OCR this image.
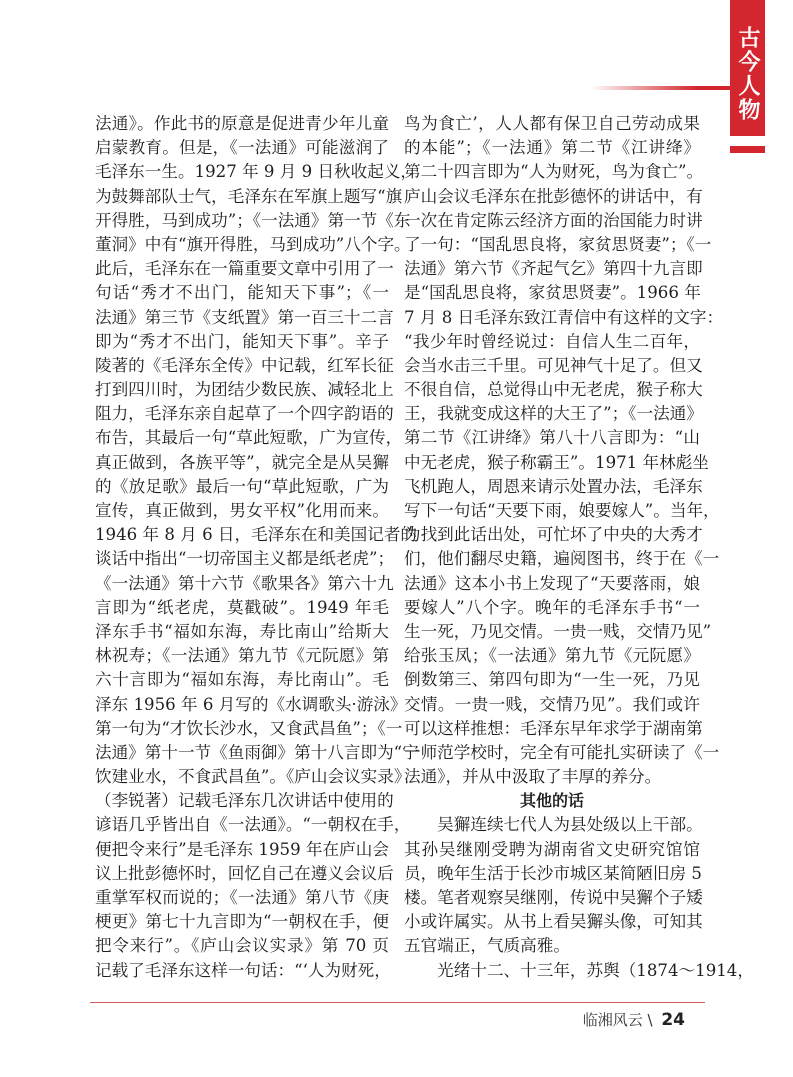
古今人物
法通》。作此书的原意是促进青少年儿童
启蒙教育。但是，《一法通》可能滋润了
毛泽东一生。1927 年 9 月 9 日秋收起义，
为鼓舞部队士气，毛泽东在军旗上题写“旗
开得胜，马到成功”；《一法通》第一节《东
董洞》中有“旗开得胜，马到成功”八个字。
此后，毛泽东在一篇重要文章中引用了一
句话“秀才不出门，能知天下事”；《一
法通》第三节《支纸置》第一百三十二言
即为“秀才不出门，能知天下事”。辛子
陵著的《毛泽东全传》中记载，红军长征
打到四川时，为团结少数民族、减轻北上
阻力，毛泽东亲自起草了一个四字韵语的
布告，其最后一句“草此短歌，广为宣传，
真正做到，各族平等”，就完全是从吴獬
的《放足歌》最后一句“草此短歌，广为
宣传，真正做到，男女平权”化用而来。
1946 年 8 月 6 日，毛泽东在和美国记者的
谈话中指出“一切帝国主义都是纸老虎”；
《一法通》第十六节《歌果各》第六十九
言即为“纸老虎，莫戳破”。1949 年毛
泽东手书“福如东海，寿比南山”给斯大
林祝寿；《一法通》第九节《元阮愿》第
六十言即为“福如东海，寿比南山”。毛
泽东 1956 年 6 月写的《水调歌头·游泳》
第一句为“才饮长沙水，又食武昌鱼”；《一
法通》第十一节《鱼雨御》第十八言即为“宁
饮建业水，不食武昌鱼”。《庐山会议实录》
（李锐著）记载毛泽东几次讲话中使用的
谚语几乎皆出自《一法通》。“一朝权在手，
便把令来行”是毛泽东 1959 年在庐山会
议上批彭德怀时，回忆自己在遵义会议后
重掌军权而说的；《一法通》第八节《庚
梗更》第七十九言即为“一朝权在手，便
把令来行”。《庐山会议实录》第 70 页
记载了毛泽东这样一句话：“‘人为财死，
鸟为食亡’，人人都有保卫自己劳动成果
的本能”；《一法通》第二节《江讲绛》
第二十四言即为“人为财死，鸟为食亡”。
庐山会议毛泽东在批彭德怀的讲话中，有
一次在肯定陈云经济方面的治国能力时讲
了一句：“国乱思良将，家贫思贤妻”；《一
法通》第六节《齐起气乞》第四十九言即
是“国乱思良将，家贫思贤妻”。1966 年
7 月 8 日毛泽东致江青信中有这样的文字：
“我少年时曾经说过：自信人生二百年，
会当水击三千里。可见神气十足了。但又
不很自信，总觉得山中无老虎，猴子称大
王，我就变成这样的大王了”；《一法通》
第二节《江讲绛》第八十八言即为：“山
中无老虎，猴子称霸王”。1971 年林彪坐
飞机跑人，周恩来请示处置办法，毛泽东
写下一句话“天要下雨，娘要嫁人”。当年，
为找到此话出处，可忙坏了中央的大秀才
们，他们翻尽史籍，遍阅图书，终于在《一
法通》这本小书上发现了“天要落雨，娘
要嫁人”八个字。晚年的毛泽东手书“一
生一死，乃见交情。一贵一贱，交情乃见”
给张玉凤；《一法通》第九节《元阮愿》
倒数第三、第四句即为“一生一死，乃见
交情。一贵一贱，交情乃见”。我们或许
可以这样推想：毛泽东早年求学于湖南第
一师范学校时，完全有可能扎实研读了《一
法通》，并从中汲取了丰厚的养分。
其他的话
　　吴獬连续七代人为县处级以上干部。
其孙吴继刚受聘为湖南省文史研究馆馆
员，晚年生活于长沙市城区某简陋旧房 5
楼。笔者观察吴继刚，传说中吴獬个子矮
小或许属实。从书上看吴獬头像，可知其
五官端正，气质高雅。
　　光绪十二、十三年，苏舆（1874～1914，
临湘风云 \ 24
